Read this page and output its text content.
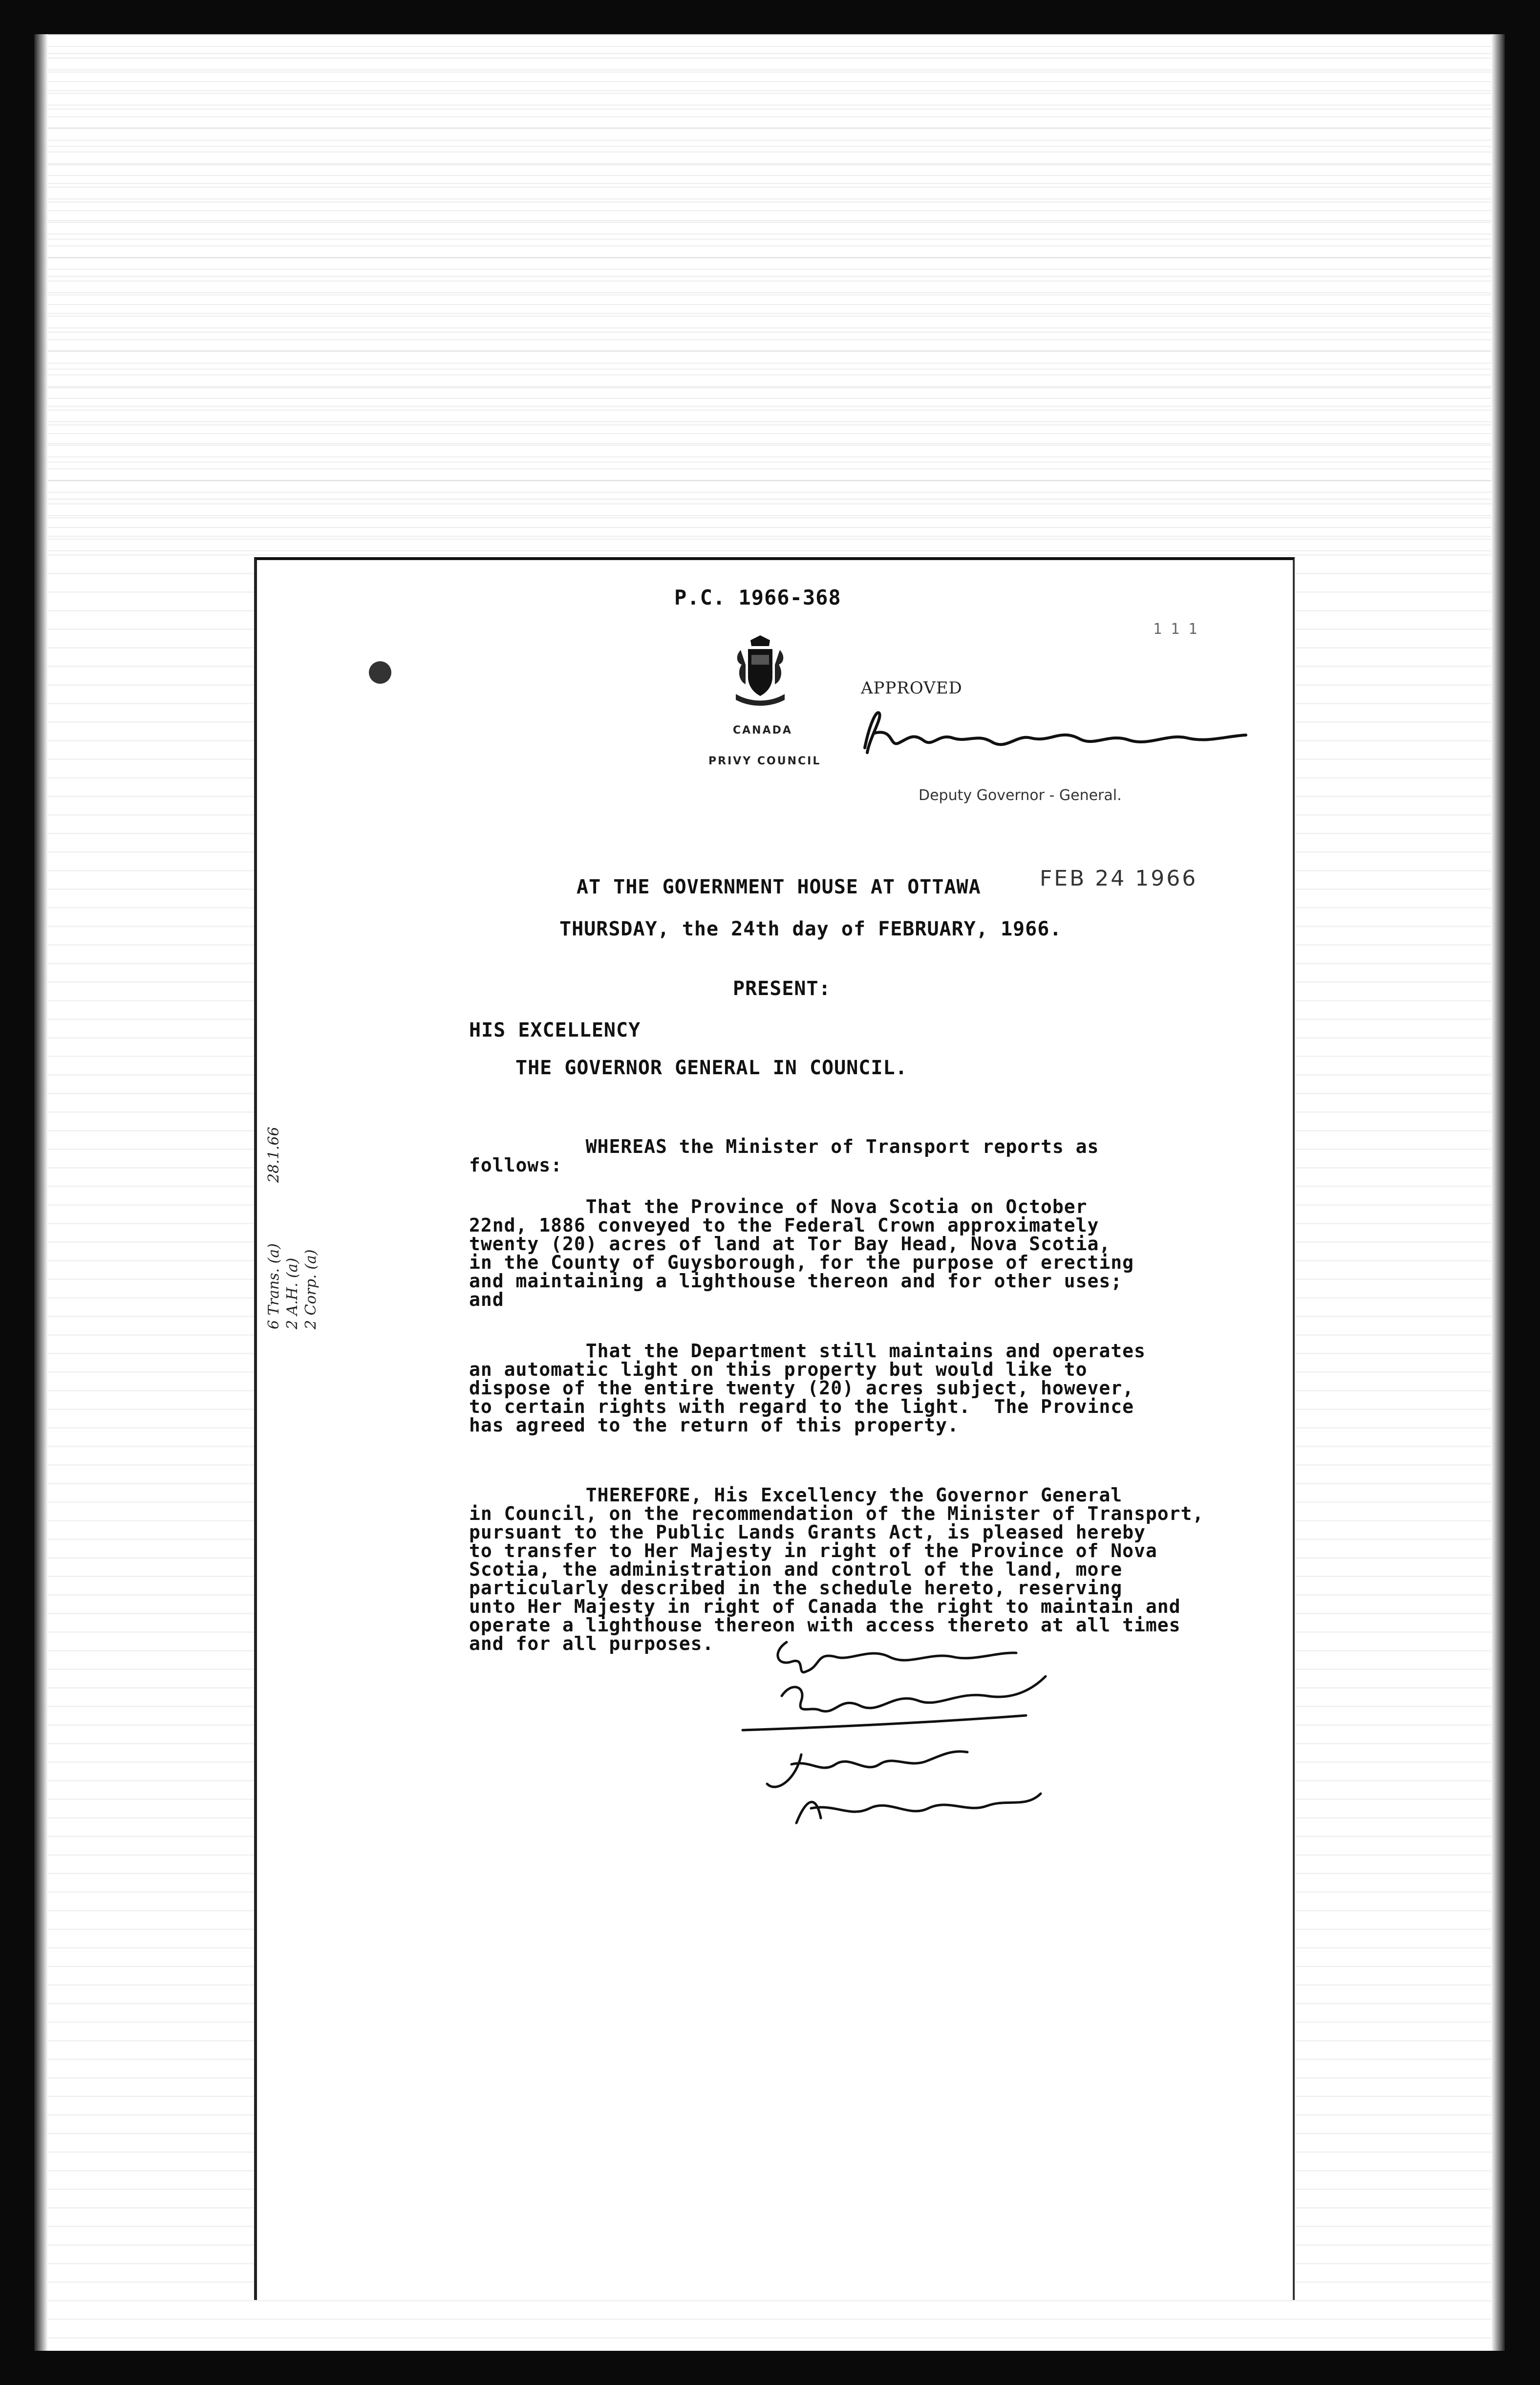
P.C. 1966-368
CANADA
PRIVY COUNCIL
APPROVED
Deputy Governor - General.
1 1 1
AT THE GOVERNMENT HOUSE AT OTTAWA	FEB 24 1966
THURSDAY, the 24th day of FEBRUARY, 1966.
PRESENT:
HIS EXCELLENCY
THE GOVERNOR GENERAL IN COUNCIL.
WHEREAS the Minister of Transport reports as
follows:
That the Province of Nova Scotia on October
22nd, 1886 conveyed to the Federal Crown approximately
twenty (20) acres of land at Tor Bay Head, Nova Scotia,
in the County of Guysborough, for the purpose of erecting
and maintaining a lighthouse thereon and for other uses;
and
That the Department still maintains and operates
an automatic light on this property but would like to
dispose of the entire twenty (20) acres subject, however,
to certain rights with regard to the light.  The Province
has agreed to the return of this property.
THEREFORE, His Excellency the Governor General
in Council, on the recommendation of the Minister of Transport,
pursuant to the Public Lands Grants Act, is pleased hereby
to transfer to Her Majesty in right of the Province of Nova
Scotia, the administration and control of the land, more
particularly described in the schedule hereto, reserving
unto Her Majesty in right of Canada the right to maintain and
operate a lighthouse thereon with access thereto at all times
and for all purposes.
6 Trans. (a) 2 A.H. (a) 2 Corp. (a)
28.1.66
